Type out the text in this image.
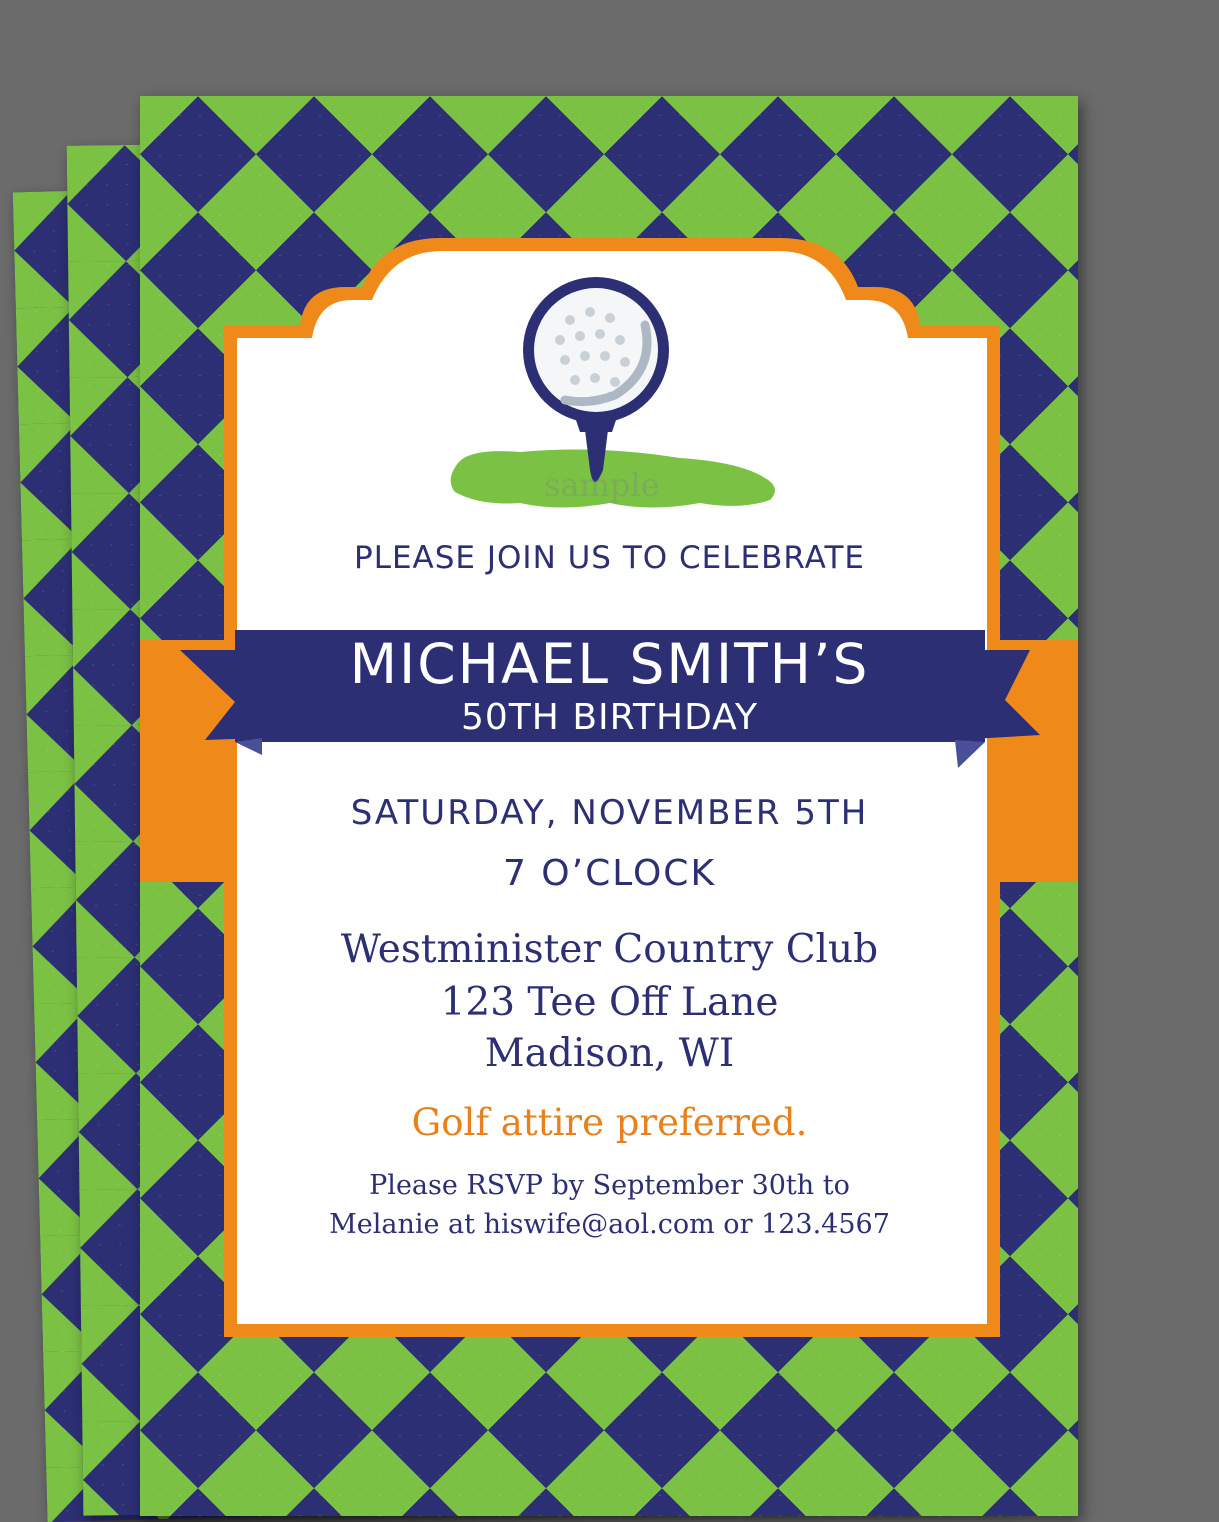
sample
PLEASE JOIN US TO CELEBRATE
MICHAEL SMITH’S
50TH BIRTHDAY
SATURDAY, NOVEMBER 5TH
7 O’CLOCK
Westminister Country Club
123 Tee Off Lane
Madison, WI
Golf attire preferred.
Please RSVP by September 30th to
Melanie at hiswife@aol.com or 123.4567
